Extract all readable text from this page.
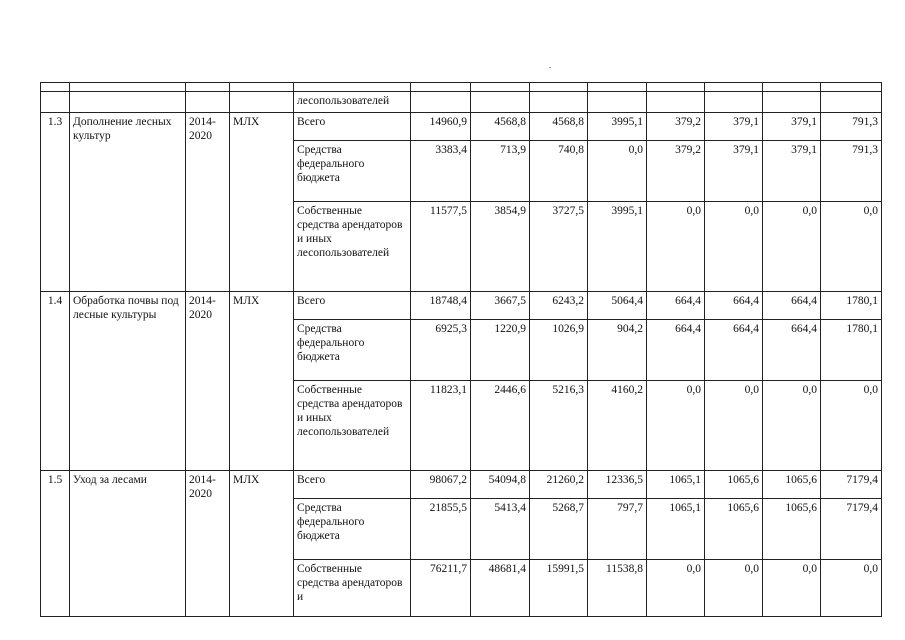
				лесопользователей								
1.3	Дополнение лесных культур	2014-2020	МЛХ	Всего	14960,9	4568,8	4568,8	3995,1	379,2	379,1	379,1	791,3
				Средства федерального бюджета	3383,4	713,9	740,8	0,0	379,2	379,1	379,1	791,3
				Собственные средства арендаторов и иных лесопользователей	11577,5	3854,9	3727,5	3995,1	0,0	0,0	0,0	0,0
1.4	Обработка почвы под лесные культуры	2014-2020	МЛХ	Всего	18748,4	3667,5	6243,2	5064,4	664,4	664,4	664,4	1780,1
				Средства федерального бюджета	6925,3	1220,9	1026,9	904,2	664,4	664,4	664,4	1780,1
				Собственные средства арендаторов и иных лесопользователей	11823,1	2446,6	5216,3	4160,2	0,0	0,0	0,0	0,0
1.5	Уход за лесами	2014-2020	МЛХ	Всего	98067,2	54094,8	21260,2	12336,5	1065,1	1065,6	1065,6	7179,4
				Средства федерального бюджета	21855,5	5413,4	5268,7	797,7	1065,1	1065,6	1065,6	7179,4
				Собственные средства арендаторов и	76211,7	48681,4	15991,5	11538,8	0,0	0,0	0,0	0,0
